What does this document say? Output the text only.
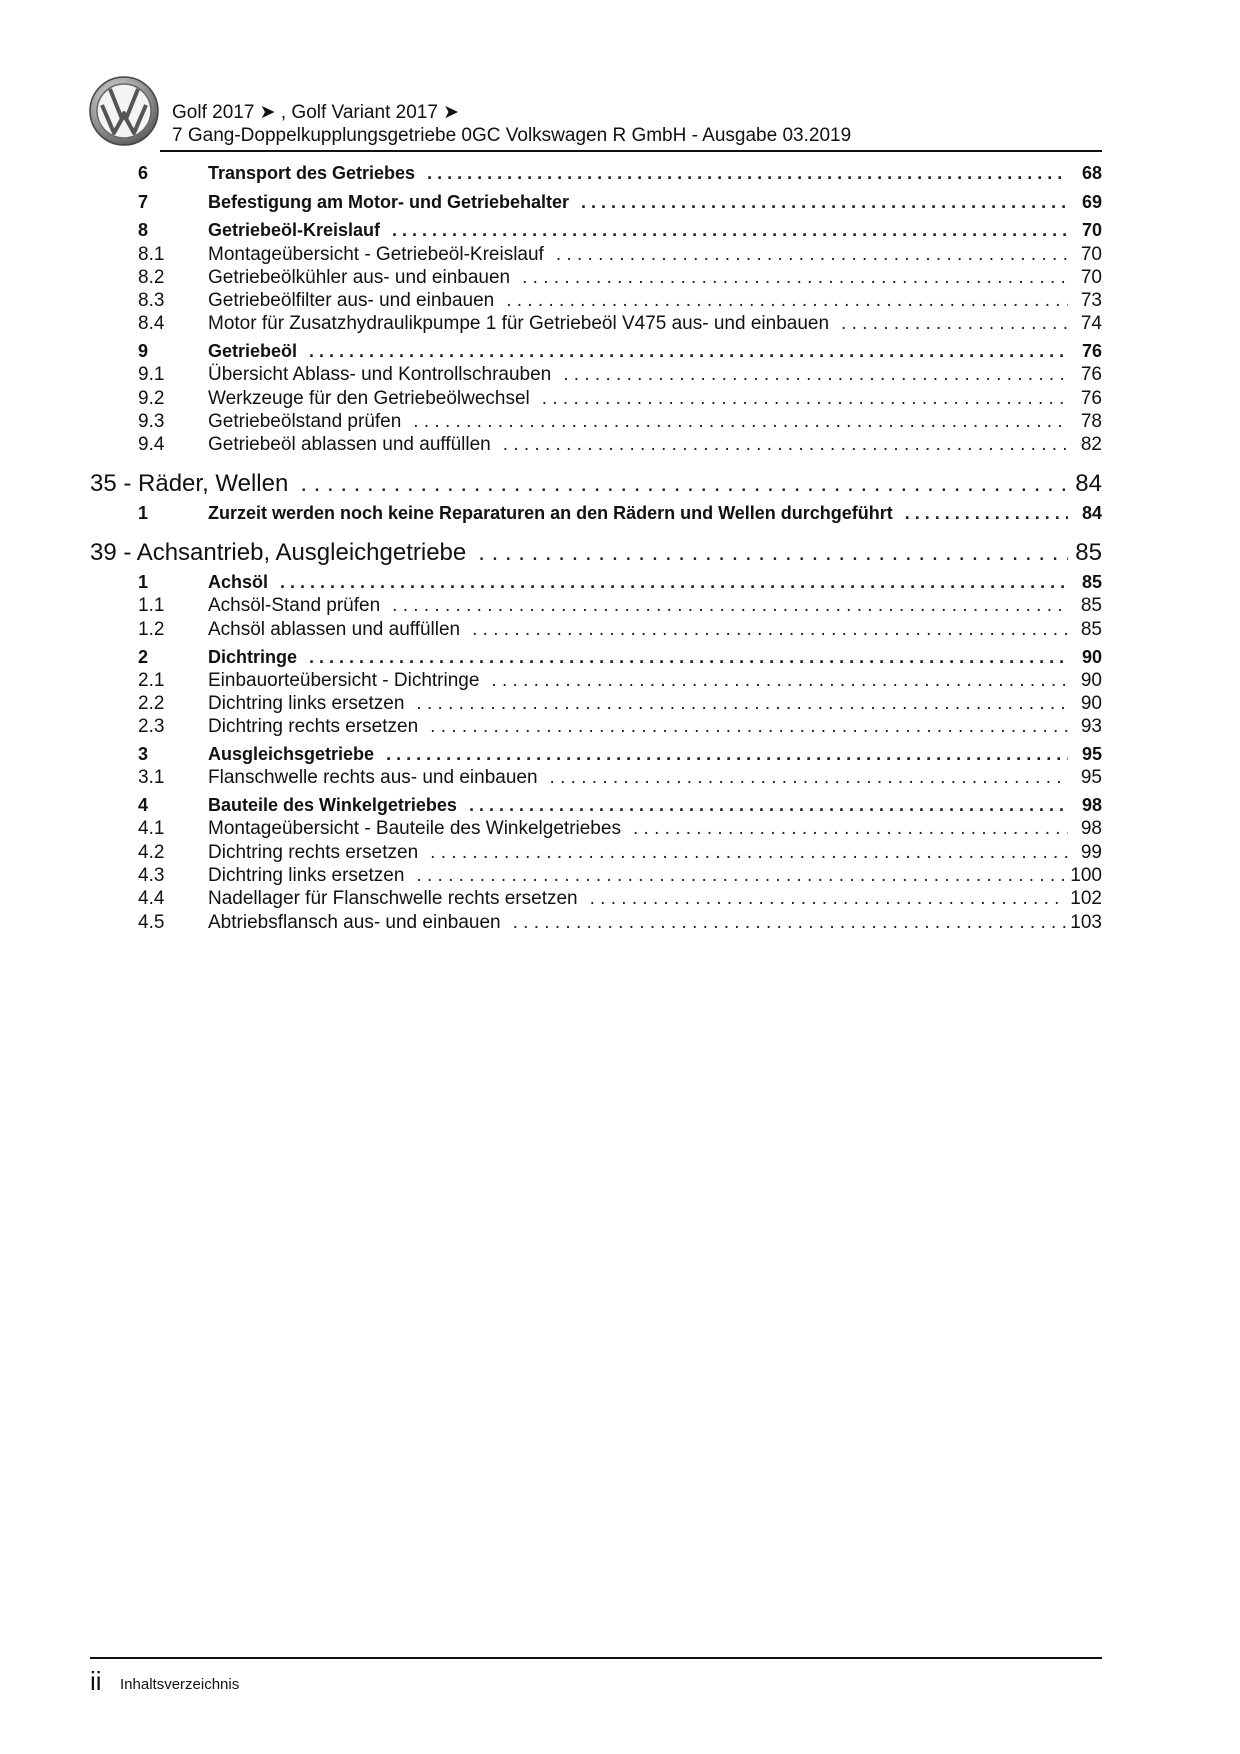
Golf 2017 ➤ , Golf Variant 2017 ➤
7 Gang-Doppelkupplungsgetriebe 0GC Volkswagen R GmbH - Ausgabe 03.2019
6	Transport des Getriebes . . .	68
7	Befestigung am Motor- und Getriebehalter . . .	69
8	Getriebeöl-Kreislauf . . .	70
8.1 Montageübersicht - Getriebeöl-Kreislauf . . .	70
8.2 Getriebeölkühler aus- und einbauen . . .	70
8.3 Getriebeölfilter aus- und einbauen . . .	73
8.4 Motor für Zusatzhydraulikpumpe 1 für Getriebeöl V475 aus- und einbauen . . .	74
9	Getriebeöl . . .	76
9.1 Übersicht Ablass- und Kontrollschrauben . . .	76
9.2 Werkzeuge für den Getriebeölwechsel . . .	76
9.3 Getriebeölstand prüfen . . .	78
9.4 Getriebeöl ablassen und auffüllen . . .	82
35 - Räder, Wellen . . .	84
1	Zurzeit werden noch keine Reparaturen an den Rädern und Wellen durchgeführt . . .	84
39 - Achsantrieb, Ausgleichgetriebe . . .	85
1	Achsöl . . .	85
1.1 Achsöl-Stand prüfen . . .	85
1.2 Achsöl ablassen und auffüllen . . .	85
2	Dichtringe . . .	90
2.1 Einbauorteübersicht - Dichtringe . . .	90
2.2 Dichtring links ersetzen . . .	90
2.3 Dichtring rechts ersetzen . . .	93
3	Ausgleichsgetriebe . . .	95
3.1 Flanschwelle rechts aus- und einbauen . . .	95
4	Bauteile des Winkelgetriebes . . .	98
4.1 Montageübersicht - Bauteile des Winkelgetriebes . . .	98
4.2 Dichtring rechts ersetzen . . .	99
4.3 Dichtring links ersetzen . . .	100
4.4 Nadellager für Flanschwelle rechts ersetzen . . .	102
4.5 Abtriebsflansch aus- und einbauen . . .	103
ii Inhaltsverzeichnis
